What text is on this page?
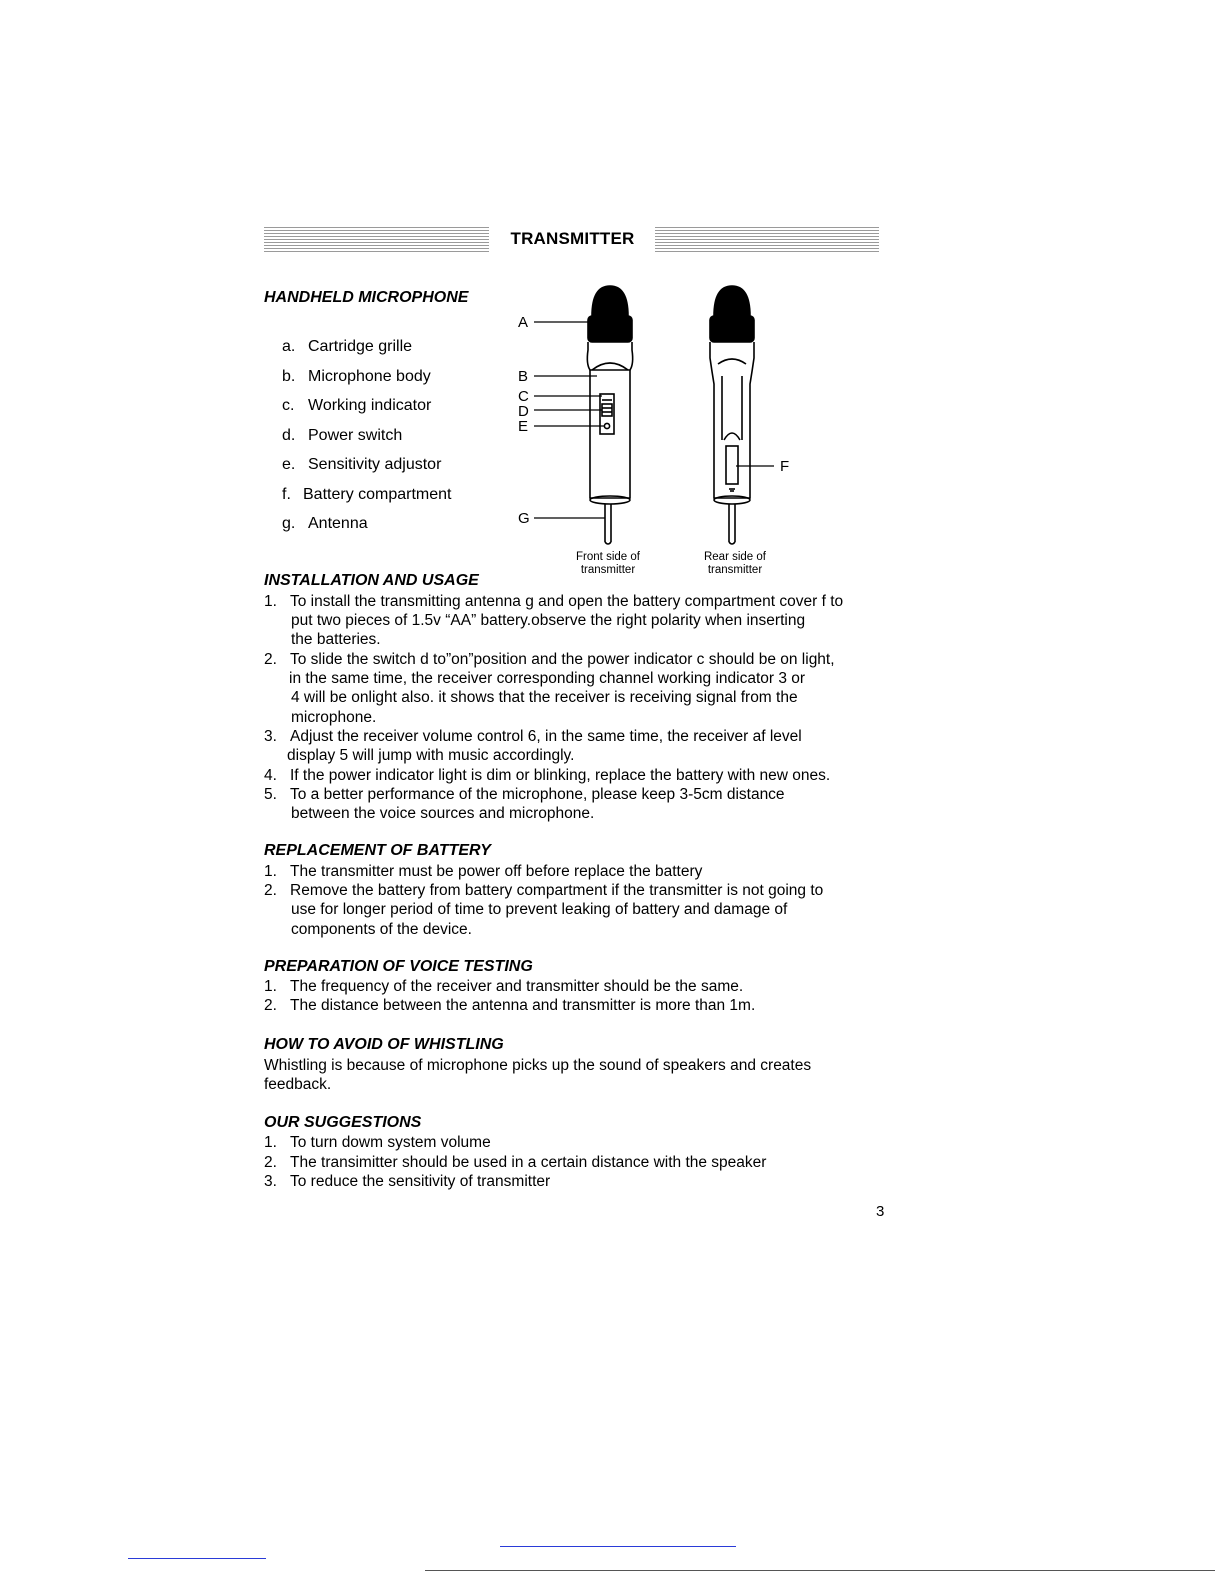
TRANSMITTER
HANDHELD MICROPHONE
a. Cartridge grille
b. Microphone body
c. Working indicator
d. Power switch
e. Sensitivity adjustor
f. Battery compartment
g. Antenna
A
B
C
D
E
F
G
Front side of
transmitter
Rear side of
transmitter
INSTALLATION AND USAGE
1. To install the transmitting antenna g and open the battery compartment cover f to
put two pieces of 1.5v “AA” battery.observe the right polarity when inserting
the batteries.
2. To slide the switch d to”on”position and the power indicator c should be on light,
in the same time, the receiver corresponding channel working indicator 3 or
4 will be onlight also. it shows that the receiver is receiving signal from the
microphone.
3. Adjust the receiver volume control 6, in the same time, the receiver af level
display 5 will jump with music accordingly.
4. If the power indicator light is dim or blinking, replace the battery with new ones.
5. To a better performance of the microphone, please keep 3-5cm distance
between the voice sources and microphone.
REPLACEMENT OF BATTERY
1. The transmitter must be power off before replace the battery
2. Remove the battery from battery compartment if the transmitter is not going to
use for longer period of time to prevent leaking of battery and damage of
components of the device.
PREPARATION OF VOICE TESTING
1. The frequency of the receiver and transmitter should be the same.
2. The distance between the antenna and transmitter is more than 1m.
HOW TO AVOID OF WHISTLING
Whistling is because of microphone picks up the sound of speakers and creates
feedback.
OUR SUGGESTIONS
1. To turn dowm system volume
2. The transimitter should be used in a certain distance with the speaker
3. To reduce the sensitivity of transmitter
3
